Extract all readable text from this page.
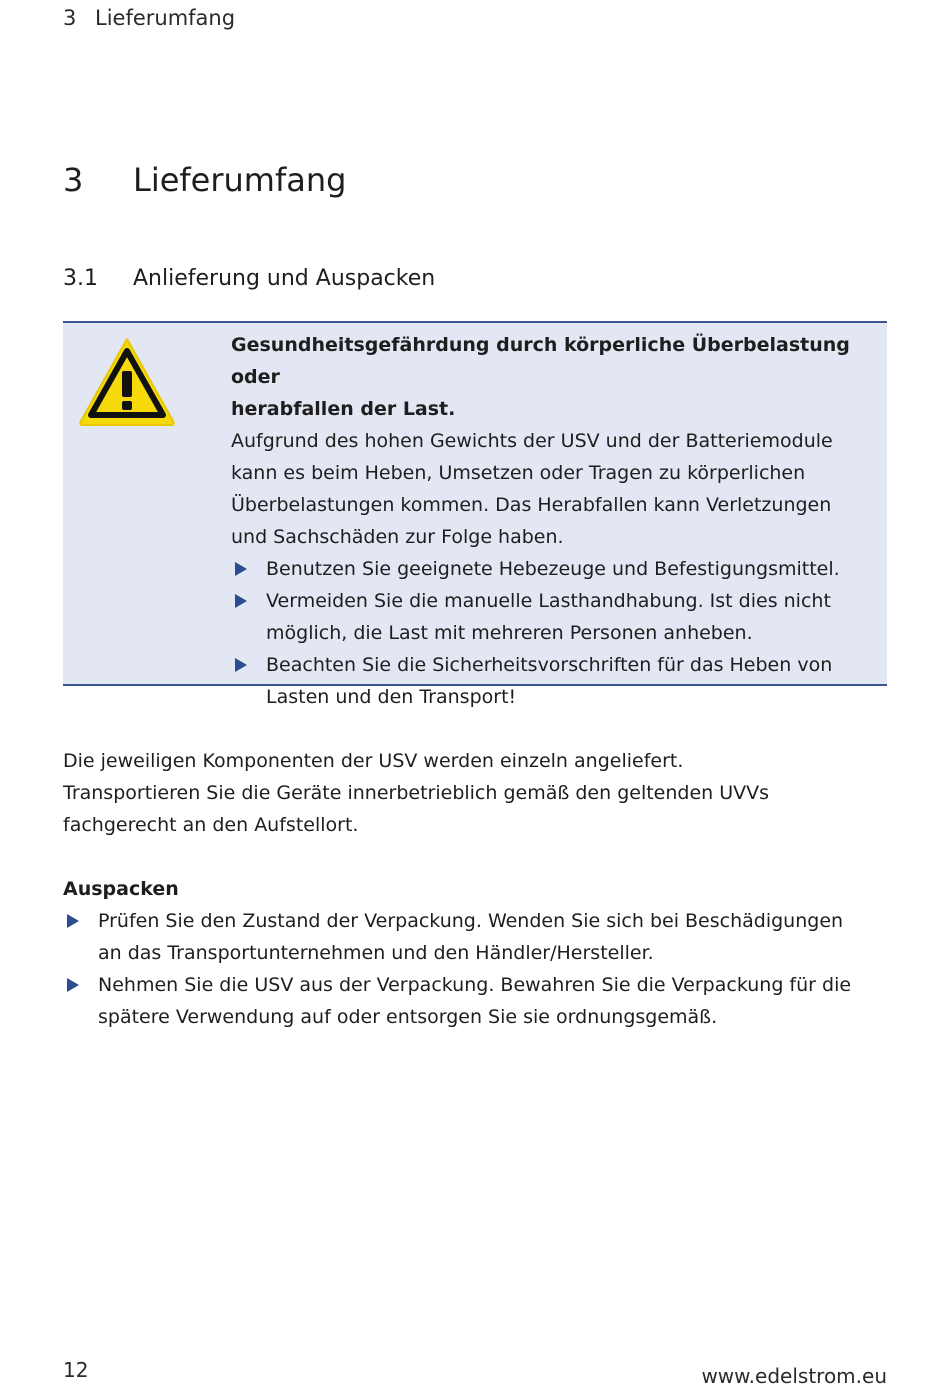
3 Lieferumfang
3 Lieferumfang
3.1 Anlieferung und Auspacken
Gesundheitsgefährdung durch körperliche Überbelastung oder
herabfallen der Last.
Aufgrund des hohen Gewichts der USV und der Batteriemodule
kann es beim Heben, Umsetzen oder Tragen zu körperlichen
Überbelastungen kommen. Das Herabfallen kann Verletzungen
und Sachschäden zur Folge haben.
Benutzen Sie geeignete Hebezeuge und Befestigungsmittel.
Vermeiden Sie die manuelle Lasthandhabung. Ist dies nicht
möglich, die Last mit mehreren Personen anheben.
Beachten Sie die Sicherheitsvorschriften für das Heben von
Lasten und den Transport!

Die jeweiligen Komponenten der USV werden einzeln angeliefert.

Transportieren Sie die Geräte innerbetrieblich gemäß den geltenden UVVs

fachgerecht an den Aufstellort.

Auspacken
Prüfen Sie den Zustand der Verpackung. Wenden Sie sich bei Beschädigungen
an das Transportunternehmen und den Händler/Hersteller.
Nehmen Sie die USV aus der Verpackung. Bewahren Sie die Verpackung für die
spätere Verwendung auf oder entsorgen Sie sie ordnungsgemäß.
12	www.edelstrom.eu
